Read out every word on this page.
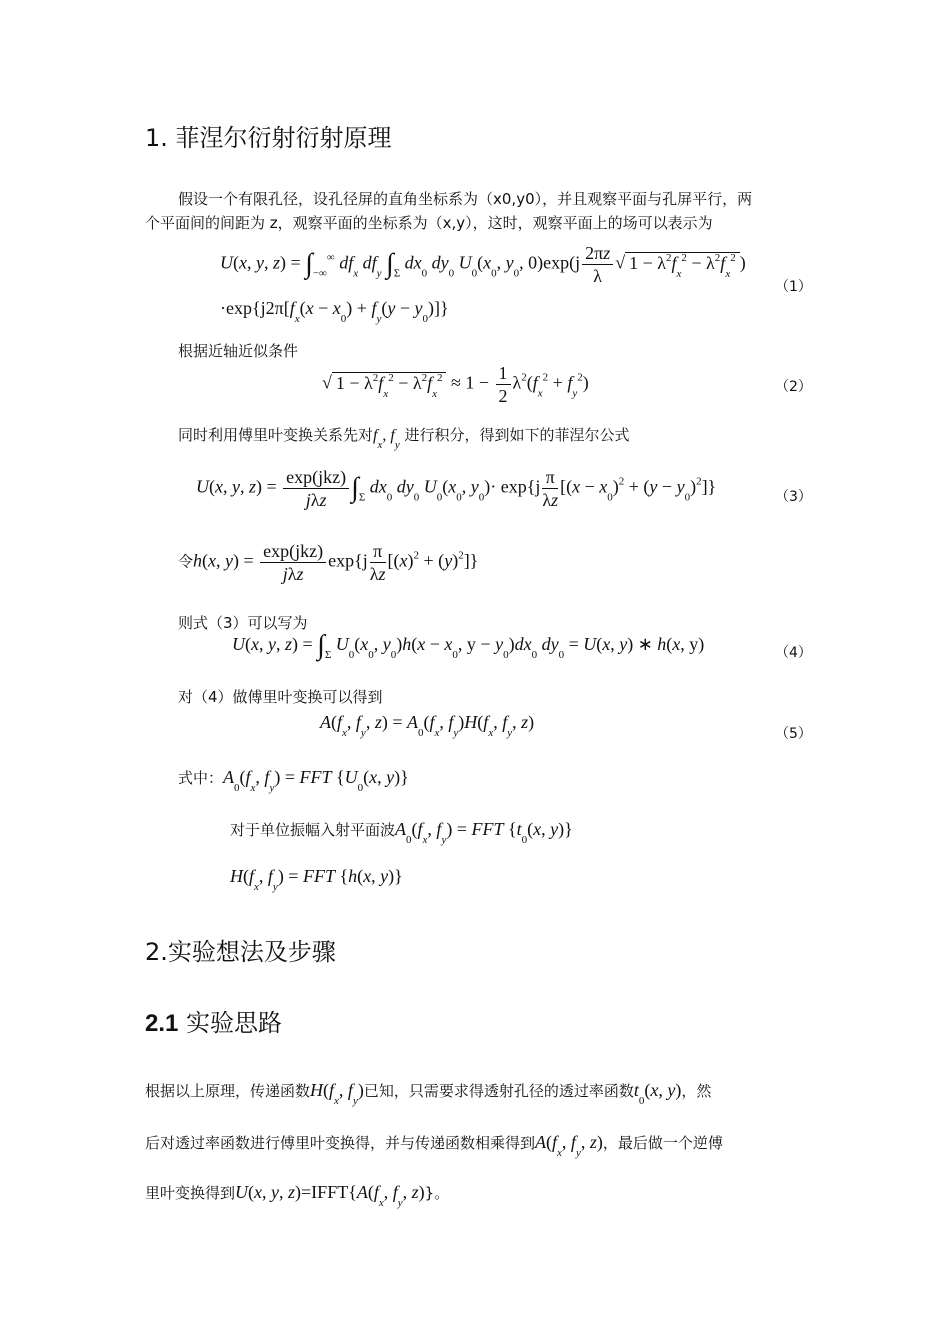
1. 菲涅尔衍射衍射原理
假设一个有限孔径，设孔径屏的直角坐标系为（x0,y0），并且观察平面与孔屏平行，两
个平面间的间距为 z，观察平面的坐标系为（x,y），这时，观察平面上的场可以表示为
U(x, y, $z) = \int_{-\infty}^\infty$ $df_x$ $df_y$ $\int_\Sigma$ $dx_0$ $dy_0$ $U_0(x_0$, $y_0$, $0)\exp(j \frac{2\pi z}{\lambda}$ √ $1 - \lambda^2f_x^2 - \lambda^2f_x^2$ )
（1）
$\cdot\exp\{j2\pi[f_x(x - x_0) + f_y(y - y_0)]\}$
根据近轴近似条件
√ $1 - \lambda^2f_x^2 - \lambda^2f_x^2 \approx 1 - \frac{1}{2} \lambda^2(f_x^2 + f_y^2)$	（2）
同时利用傅里叶变换关系先对$f_x$, $f_y$ 进行积分，得到如下的菲涅尔公式
U(x, y, $z) = \frac{\text{exp(jkz)}}{\text{jλz}} \int_\Sigma$ $dx_0$ $dy_0$ $U_0(x_0$, $y_0)\cdot \exp\{j \frac{\pi}{\lambda z} [(x - x_0)^2 + (y - y_0)^2]\}$
（3）
令h(x, $y) = \frac{\text{exp(jkz)}}{\text{jλz}} \exp\{j \frac{\pi}{\lambda z} [(x)^2 + (y)^2]\}$
则式（3）可以写为
U(x, y, $z) = \int_\Sigma$ $U_0(x_0$, $y_0)h(x - x_0$, $y - y_0)dx_0$ $dy_0 = U(x$, y) ∗ h(x, y)	（4）
对（4）做傅里叶变换可以得到
$A(f_x$, $f_y$, $z) = A_0(f_x$, $f_y)H(f_x$, $f_y$, z)
（5）
式中：$A_0(f_x$, $f_y$) = FFT {$U_0(x$, y)}
对于单位振幅入射平面波$A_0(f_x$, $f_y$) = FFT {$t_0(x$, y)}
$H(f_x$, $f_y$) = FFT {h(x, y)}
2.实验想法及步骤
2.1 实验思路
根据以上原理，传递函数$H(f_x$, $f_y$)已知，只需要求得透射孔径的透过率函数$t_0(x$, y)，然
后对透过率函数进行傅里叶变换得，并与传递函数相乘得到$A(f_x$, $f_y$, z)，最后做一个逆傅
里叶变换得到U(x, y, $z)=IFFT\{A(f_x$, $f_y$, z)}。
